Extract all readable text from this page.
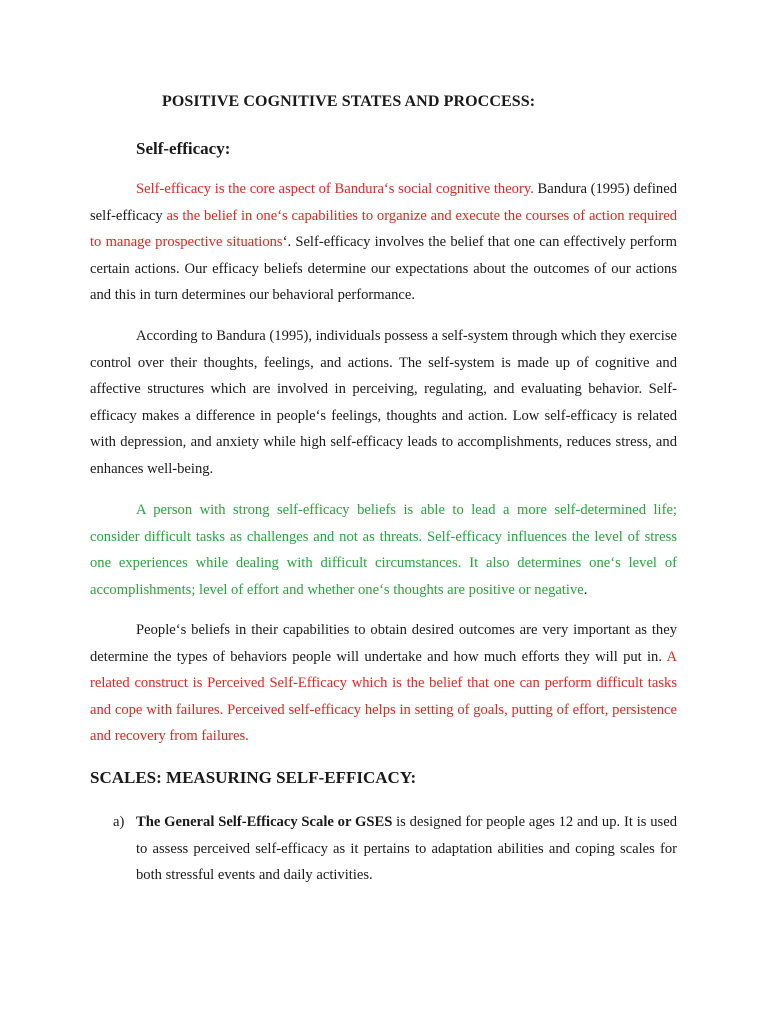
POSITIVE COGNITIVE STATES AND PROCCESS:
Self-efficacy:

Self-efficacy is the core aspect of Bandura‘s social cognitive theory. Bandura (1995) defined self-efficacy as the belief in one‘s capabilities to organize and execute the courses of action required to manage prospective situations‘. Self-efficacy involves the belief that one can effectively perform certain actions. Our efficacy beliefs determine our expectations about the outcomes of our actions and this in turn determines our behavioral performance.

According to Bandura (1995), individuals possess a self-system through which they exercise control over their thoughts, feelings, and actions. The self-system is made up of cognitive and affective structures which are involved in perceiving, regulating, and evaluating behavior. Self-efficacy makes a difference in people‘s feelings, thoughts and action. Low self-efficacy is related with depression, and anxiety while high self-efficacy leads to accomplishments, reduces stress, and enhances well-being.

A person with strong self-efficacy beliefs is able to lead a more self-determined life; consider difficult tasks as challenges and not as threats. Self-efficacy influences the level of stress one experiences while dealing with difficult circumstances. It also determines one‘s level of accomplishments; level of effort and whether one‘s thoughts are positive or negative.

People‘s beliefs in their capabilities to obtain desired outcomes are very important as they determine the types of behaviors people will undertake and how much efforts they will put in. A related construct is Perceived Self-Efficacy which is the belief that one can perform difficult tasks and cope with failures. Perceived self-efficacy helps in setting of goals, putting of effort, persistence and recovery from failures.

SCALES: MEASURING SELF-EFFICACY:
a) The General Self-Efficacy Scale or GSES is designed for people ages 12 and up. It is used to assess perceived self-efficacy as it pertains to adaptation abilities and coping scales for both stressful events and daily activities.
